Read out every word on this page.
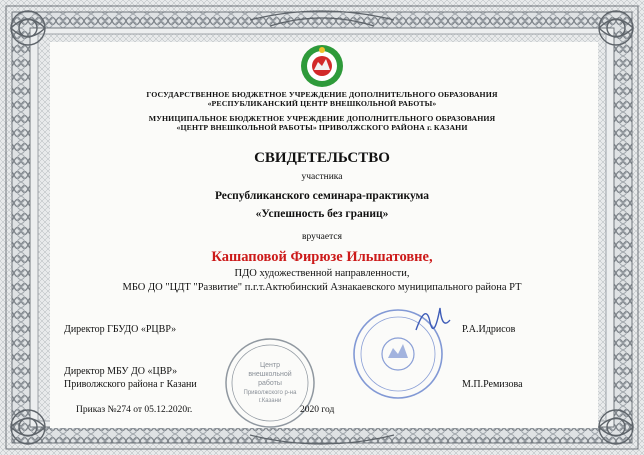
ГОСУДАРСТВЕННОЕ БЮДЖЕТНОЕ УЧРЕЖДЕНИЕ ДОПОЛНИТЕЛЬНОГО ОБРАЗОВАНИЯ
«РЕСПУБЛИКАНСКИЙ ЦЕНТР ВНЕШКОЛЬНОЙ РАБОТЫ»
МУНИЦИПАЛЬНОЕ БЮДЖЕТНОЕ УЧРЕЖДЕНИЕ ДОПОЛНИТЕЛЬНОГО ОБРАЗОВАНИЯ
«ЦЕНТР ВНЕШКОЛЬНОЙ РАБОТЫ» ПРИВОЛЖСКОГО РАЙОНА г. КАЗАНИ
СВИДЕТЕЛЬСТВО
участника
Республиканского семинара-практикума
«Успешность без границ»
вручается
Кашаповой Фирюзе Ильшатовне,
ПДО художественной направленности,
МБО ДО "ЦДТ "Развитие" п.г.т.Актюбинский Азнакаевского муниципального района РТ
Центр
внешкольной
работы
Приволжского р-на
г.Казани
Директор ГБУДО «РЦВР»	Р.А.Идрисов
Директор МБУ ДО «ЦВР»
Приволжского района г Казани	М.П.Ремизова
Приказ №274 от 05.12.2020г.	2020 год
